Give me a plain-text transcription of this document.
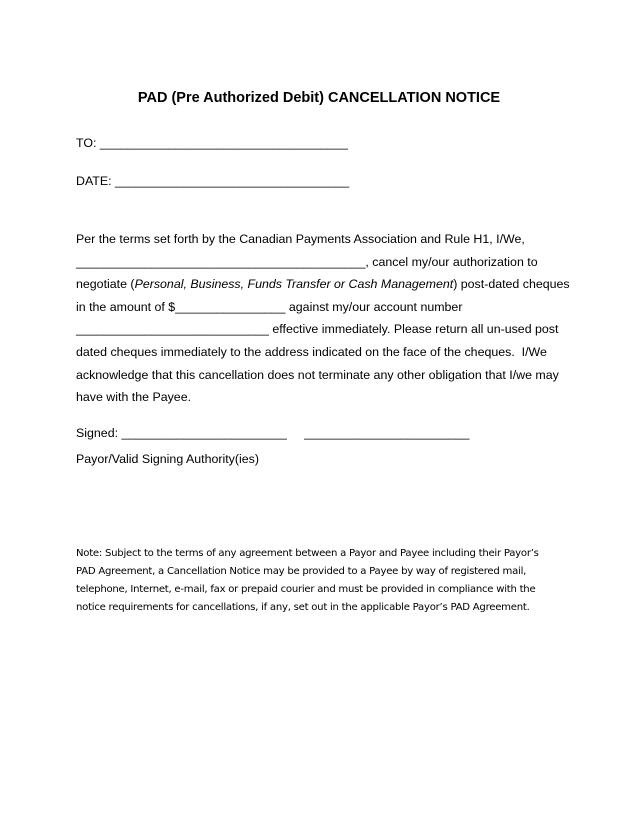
PAD (Pre Authorized Debit) CANCELLATION NOTICE
TO: ____________________________________
DATE: __________________________________
Per the terms set forth by the Canadian Payments Association and Rule H1, I/We,
__________________________________________, cancel my/our authorization to
negotiate (Personal, Business, Funds Transfer or Cash Management) post-dated cheques
in the amount of $________________ against my/our account number
____________________________ effective immediately. Please return all un-used post
dated cheques immediately to the address indicated on the face of the cheques.  I/We
acknowledge that this cancellation does not terminate any other obligation that I/we may
have with the Payee.
Signed: ________________________     ________________________
Payor/Valid Signing Authority(ies)
Note: Subject to the terms of any agreement between a Payor and Payee including their Payor’s
PAD Agreement, a Cancellation Notice may be provided to a Payee by way of registered mail,
telephone, Internet, e-mail, fax or prepaid courier and must be provided in compliance with the
notice requirements for cancellations, if any, set out in the applicable Payor’s PAD Agreement.
